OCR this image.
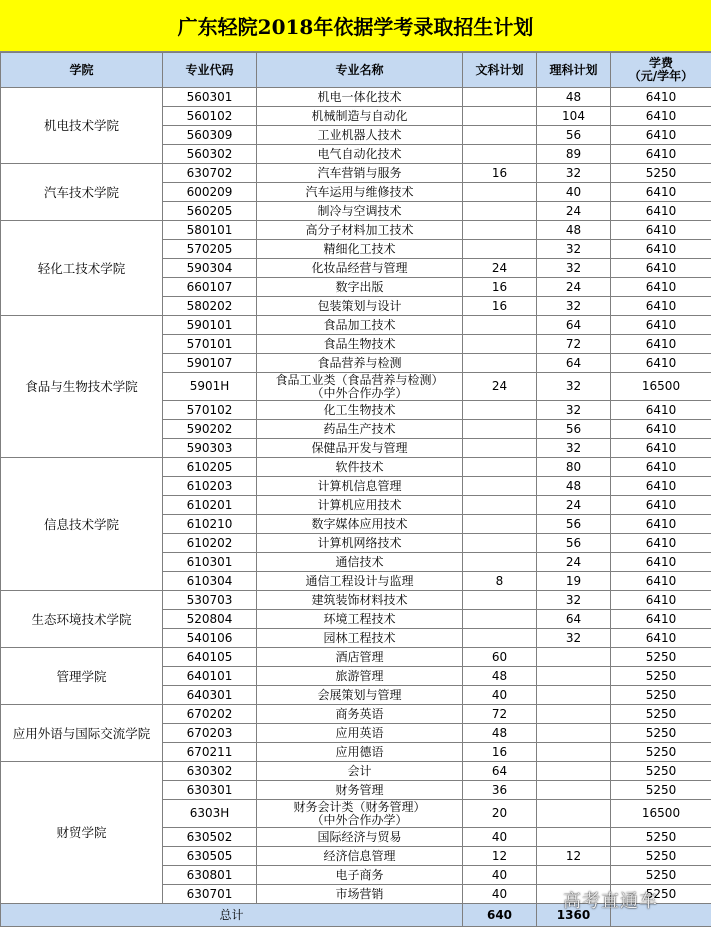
广东轻院2018年依据学考录取招生计划
学院	专业代码	专业名称	文科计划	理科计划	学费
（元/学年）
机电技术学院	560301	机电一体化技术		48	6410
	560102	机械制造与自动化		104	6410
	560309	工业机器人技术		56	6410
	560302	电气自动化技术		89	6410
汽车技术学院	630702	汽车营销与服务	16	32	5250
	600209	汽车运用与维修技术		40	6410
	560205	制冷与空调技术		24	6410
轻化工技术学院	580101	高分子材料加工技术		48	6410
	570205	精细化工技术		32	6410
	590304	化妆品经营与管理	24	32	6410
	660107	数字出版	16	24	6410
	580202	包装策划与设计	16	32	6410
食品与生物技术学院	590101	食品加工技术		64	6410
	570101	食品生物技术		72	6410
	590107	食品营养与检测		64	6410
	5901H	食品工业类（食品营养与检测）
（中外合作办学）	24	32	16500
	570102	化工生物技术		32	6410
	590202	药品生产技术		56	6410
	590303	保健品开发与管理		32	6410
信息技术学院	610205	软件技术		80	6410
	610203	计算机信息管理		48	6410
	610201	计算机应用技术		24	6410
	610210	数字媒体应用技术		56	6410
	610202	计算机网络技术		56	6410
	610301	通信技术		24	6410
	610304	通信工程设计与监理	8	19	6410
生态环境技术学院	530703	建筑装饰材料技术		32	6410
	520804	环境工程技术		64	6410
	540106	园林工程技术		32	6410
管理学院	640105	酒店管理	60		5250
	640101	旅游管理	48		5250
	640301	会展策划与管理	40		5250
应用外语与国际交流学院	670202	商务英语	72		5250
	670203	应用英语	48		5250
	670211	应用德语	16		5250
财贸学院	630302	会计	64		5250
	630301	财务管理	36		5250
	6303H	财务会计类（财务管理）
（中外合作办学）	20		16500
	630502	国际经济与贸易	40		5250
	630505	经济信息管理	12	12	5250
	630801	电子商务	40		5250
	630701	市场营销	40		5250
总计			640	1360	
高考直通车
